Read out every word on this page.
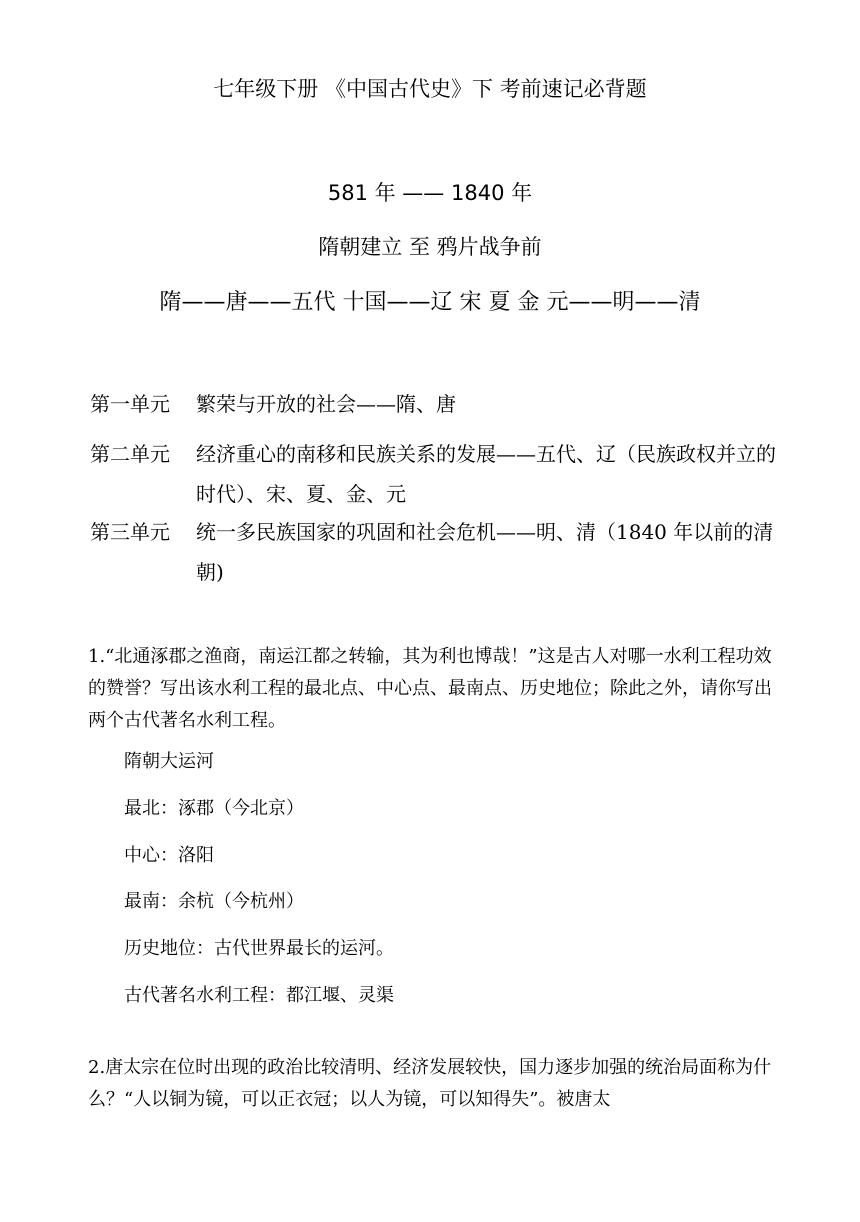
七年级下册 《中国古代史》下 考前速记必背题
581 年 —— 1840 年
隋朝建立 至 鸦片战争前
隋——唐——五代 十国——辽 宋 夏 金 元——明——清
第一单元 繁荣与开放的社会——隋、唐
第二单元 经济重心的南移和民族关系的发展——五代、辽（民族政权并立的时代）、宋、夏、金、元
第三单元 统一多民族国家的巩固和社会危机——明、清（1840 年以前的清朝)
1.“北通涿郡之渔商，南运江都之转输，其为利也博哉！”这是古人对哪一水利工程功效的赞誉？写出该水利工程的最北点、中心点、最南点、历史地位；除此之外，请你写出两个古代著名水利工程。
隋朝大运河
最北：涿郡（今北京）
中心：洛阳
最南：余杭（今杭州）
历史地位：古代世界最长的运河。
古代著名水利工程：都江堰、灵渠
2.唐太宗在位时出现的政治比较清明、经济发展较快，国力逐步加强的统治局面称为什么？“人以铜为镜，可以正衣冠；以人为镜，可以知得失”。被唐太
